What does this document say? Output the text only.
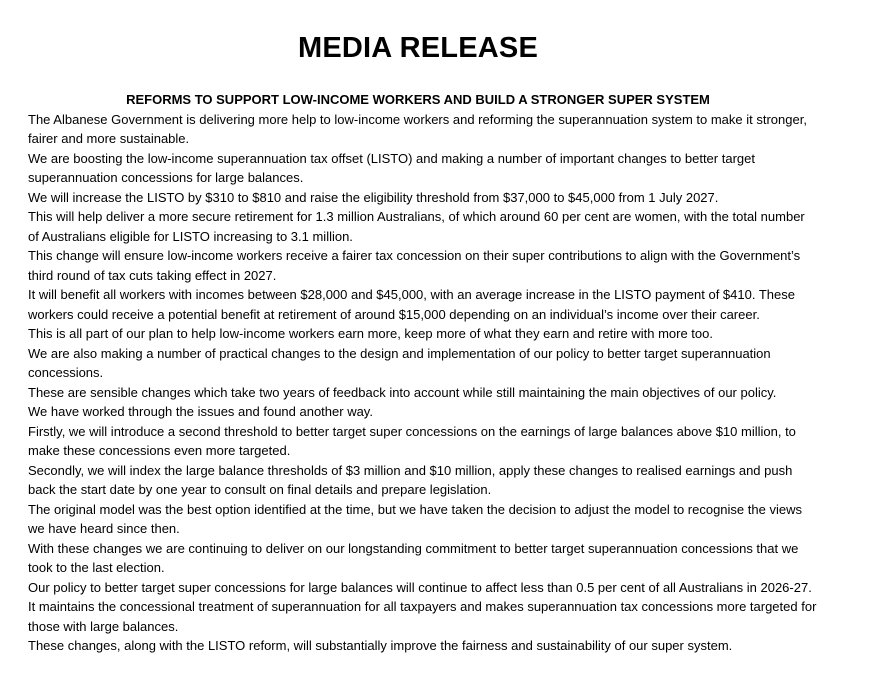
MEDIA RELEASE
REFORMS TO SUPPORT LOW-INCOME WORKERS AND BUILD A STRONGER SUPER SYSTEM

The Albanese Government is delivering more help to low-income workers and reforming the superannuation system to make it stronger, fairer and more sustainable.

We are boosting the low-income superannuation tax offset (LISTO) and making a number of important changes to better target superannuation concessions for large balances.

We will increase the LISTO by $310 to $810 and raise the eligibility threshold from $37,000 to $45,000 from 1 July 2027.

This will help deliver a more secure retirement for 1.3 million Australians, of which around 60 per cent are women, with the total number of Australians eligible for LISTO increasing to 3.1 million.

This change will ensure low-income workers receive a fairer tax concession on their super contributions to align with the Government’s third round of tax cuts taking effect in 2027.

It will benefit all workers with incomes between $28,000 and $45,000, with an average increase in the LISTO payment of $410. These workers could receive a potential benefit at retirement of around $15,000 depending on an individual’s income over their career.

This is all part of our plan to help low-income workers earn more, keep more of what they earn and retire with more too.

We are also making a number of practical changes to the design and implementation of our policy to better target superannuation concessions.

These are sensible changes which take two years of feedback into account while still maintaining the main objectives of our policy.

We have worked through the issues and found another way.

Firstly, we will introduce a second threshold to better target super concessions on the earnings of large balances above $10 million, to make these concessions even more targeted.

Secondly, we will index the large balance thresholds of $3 million and $10 million, apply these changes to realised earnings and push back the start date by one year to consult on final details and prepare legislation.

The original model was the best option identified at the time, but we have taken the decision to adjust the model to recognise the views we have heard since then.

With these changes we are continuing to deliver on our longstanding commitment to better target superannuation concessions that we took to the last election.

Our policy to better target super concessions for large balances will continue to affect less than 0.5 per cent of all Australians in 2026-27.

It maintains the concessional treatment of superannuation for all taxpayers and makes superannuation tax concessions more targeted for those with large balances.

These changes, along with the LISTO reform, will substantially improve the fairness and sustainability of our super system.
